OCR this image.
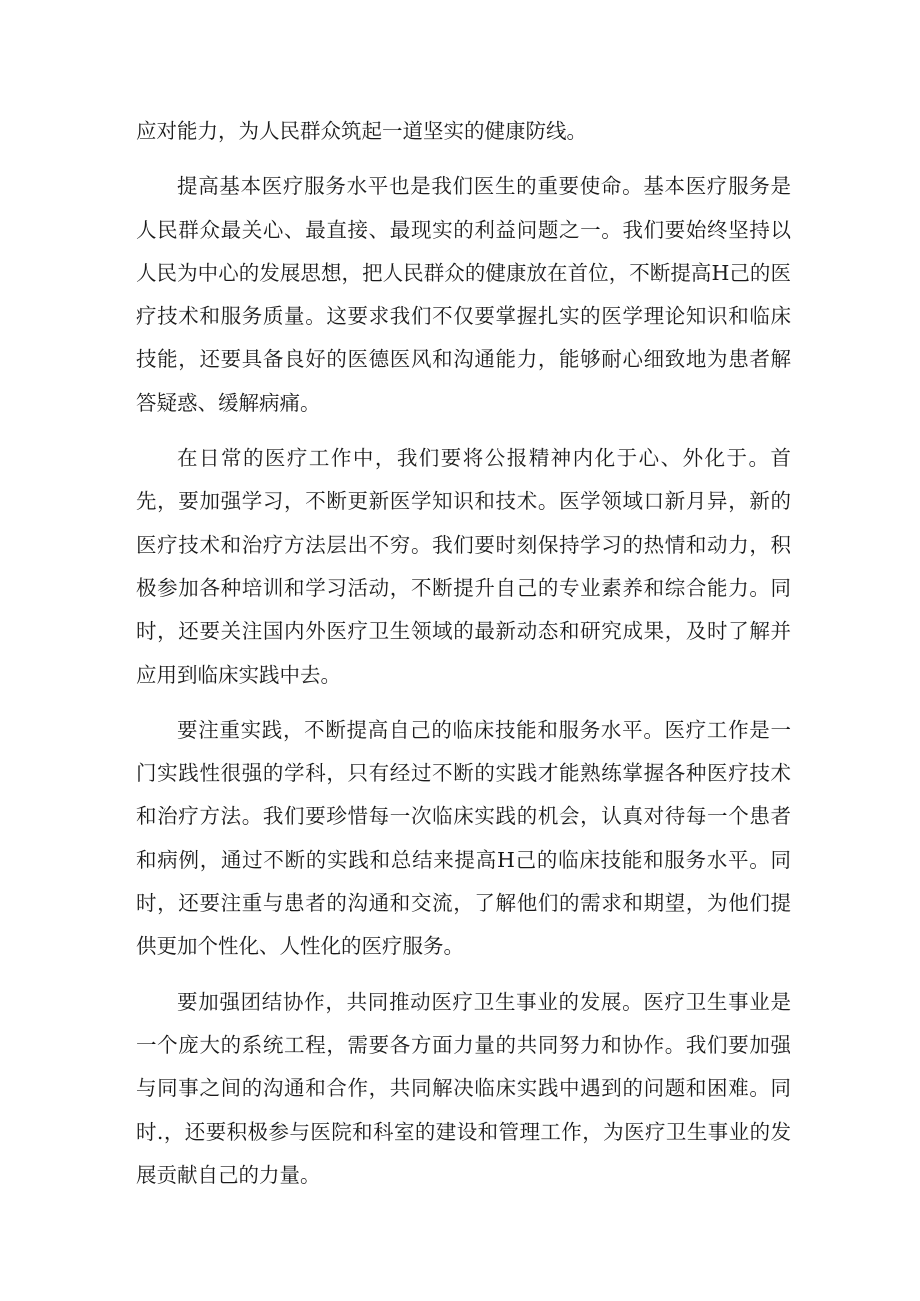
应对能力，为人民群众筑起一道坚实的健康防线。

提高基本医疗服务水平也是我们医生的重要使命。基本医疗服务是人民群众最关心、最直接、最现实的利益问题之一。我们要始终坚持以人民为中心的发展思想，把人民群众的健康放在首位，不断提高H己的医疗技术和服务质量。这要求我们不仅要掌握扎实的医学理论知识和临床技能，还要具备良好的医德医风和沟通能力，能够耐心细致地为患者解答疑惑、缓解病痛。

在日常的医疗工作中，我们要将公报精神内化于心、外化于。首先，要加强学习，不断更新医学知识和技术。医学领域口新月异，新的医疗技术和治疗方法层出不穷。我们要时刻保持学习的热情和动力，积极参加各种培训和学习活动，不断提升自己的专业素养和综合能力。同时，还要关注国内外医疗卫生领域的最新动态和研究成果，及时了解并应用到临床实践中去。

要注重实践，不断提高自己的临床技能和服务水平。医疗工作是一门实践性很强的学科，只有经过不断的实践才能熟练掌握各种医疗技术和治疗方法。我们要珍惜每一次临床实践的机会，认真对待每一个患者和病例，通过不断的实践和总结来提高H己的临床技能和服务水平。同时，还要注重与患者的沟通和交流，了解他们的需求和期望，为他们提供更加个性化、人性化的医疗服务。

要加强团结协作，共同推动医疗卫生事业的发展。医疗卫生事业是一个庞大的系统工程，需要各方面力量的共同努力和协作。我们要加强与同事之间的沟通和合作，共同解决临床实践中遇到的问题和困难。同时.，还要积极参与医院和科室的建设和管理工作，为医疗卫生事业的发展贡献自己的力量。
